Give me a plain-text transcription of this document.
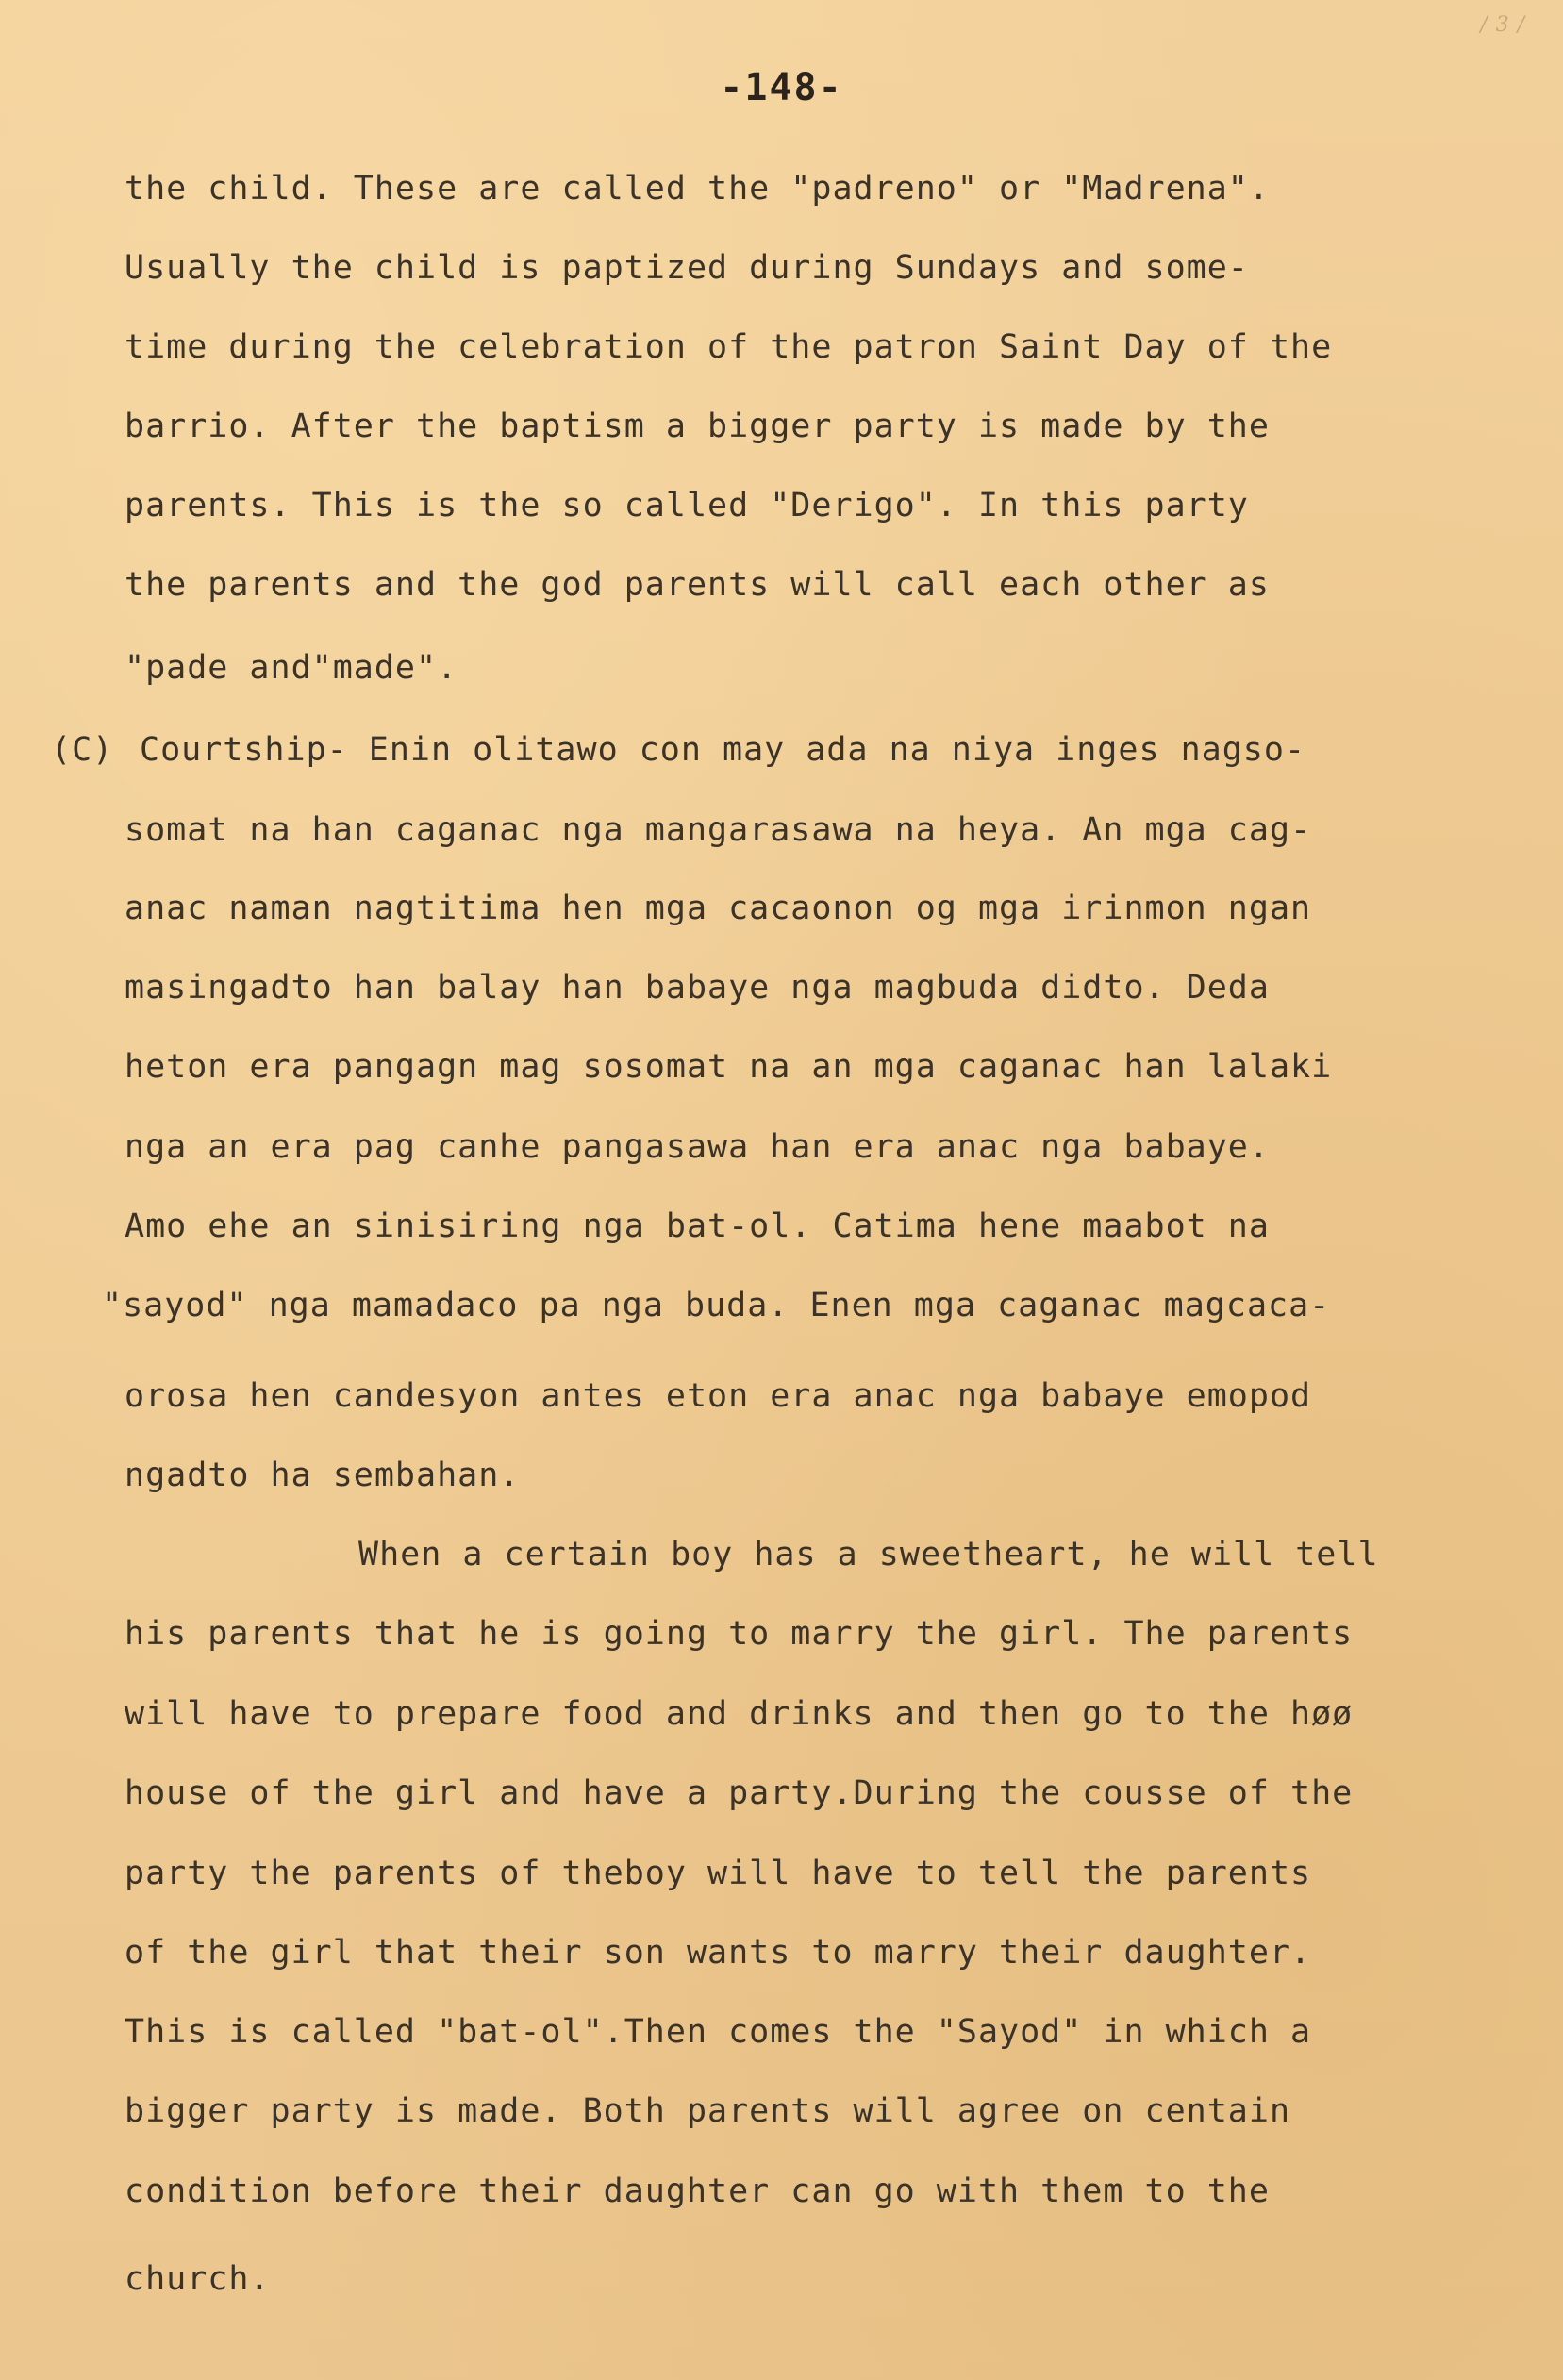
/ 3 /
-148-
the child. These are called the "padreno" or "Madrena".
Usually the child is paptized during Sundays and some-
time during the celebration of the patron Saint Day of the
barrio. After the baptism a bigger party is made by the
parents. This is the so called "Derigo". In this party
the parents and the god parents will call each other as
"pade and"made".
(C) Courtship- Enin olitawo con may ada na niya inges nagso-
somat na han caganac nga mangarasawa na heya. An mga cag-
anac naman nagtitima hen mga cacaonon og mga irinmon ngan
masingadto han balay han babaye nga magbuda didto. Deda
heton era pangagn mag sosomat na an mga caganac han lalaki
nga an era pag canhe pangasawa han era anac nga babaye.
Amo ehe an sinisiring nga bat-ol. Catima hene maabot na
"sayod" nga mamadaco pa nga buda. Enen mga caganac magcaca-
orosa hen candesyon antes eton era anac nga babaye emopod
ngadto ha sembahan.
When a certain boy has a sweetheart, he will tell
his parents that he is going to marry the girl. The parents
will have to prepare food and drinks and then go to the høø
house of the girl and have a party.During the cousse of the
party the parents of theboy will have to tell the parents
of the girl that their son wants to marry their daughter.
This is called "bat-ol".Then comes the "Sayod" in which a
bigger party is made. Both parents will agree on centain
condition before their daughter can go with them to the
church.
